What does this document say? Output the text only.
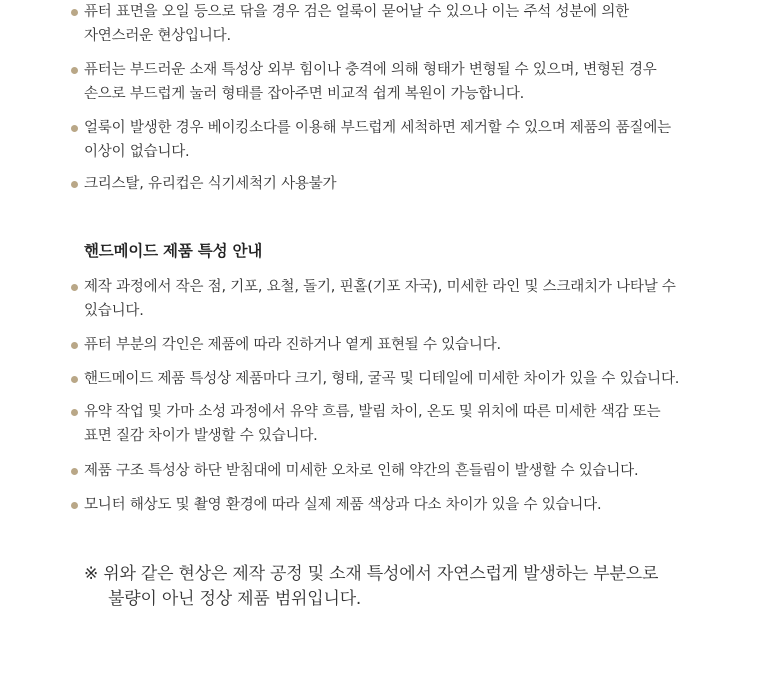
퓨터 표면을 오일 등으로 닦을 경우 검은 얼룩이 묻어날 수 있으나 이는 주석 성분에 의한
자연스러운 현상입니다.
퓨터는 부드러운 소재 특성상 외부 힘이나 충격에 의해 형태가 변형될 수 있으며, 변형된 경우
손으로 부드럽게 눌러 형태를 잡아주면 비교적 쉽게 복원이 가능합니다.
얼룩이 발생한 경우 베이킹소다를 이용해 부드럽게 세척하면 제거할 수 있으며 제품의 품질에는
이상이 없습니다.
크리스탈, 유리컵은 식기세척기 사용불가
핸드메이드 제품 특성 안내
제작 과정에서 작은 점, 기포, 요철, 돌기, 핀홀(기포 자국), 미세한 라인 및 스크래치가 나타날 수
있습니다.
퓨터 부분의 각인은 제품에 따라 진하거나 옅게 표현될 수 있습니다.
핸드메이드 제품 특성상 제품마다 크기, 형태, 굴곡 및 디테일에 미세한 차이가 있을 수 있습니다.
유약 작업 및 가마 소성 과정에서 유약 흐름, 발림 차이, 온도 및 위치에 따른 미세한 색감 또는
표면 질감 차이가 발생할 수 있습니다.
제품 구조 특성상 하단 받침대에 미세한 오차로 인해 약간의 흔들림이 발생할 수 있습니다.
모니터 해상도 및 촬영 환경에 따라 실제 제품 색상과 다소 차이가 있을 수 있습니다.
※ 위와 같은 현상은 제작 공정 및 소재 특성에서 자연스럽게 발생하는 부분으로
불량이 아닌 정상 제품 범위입니다.
